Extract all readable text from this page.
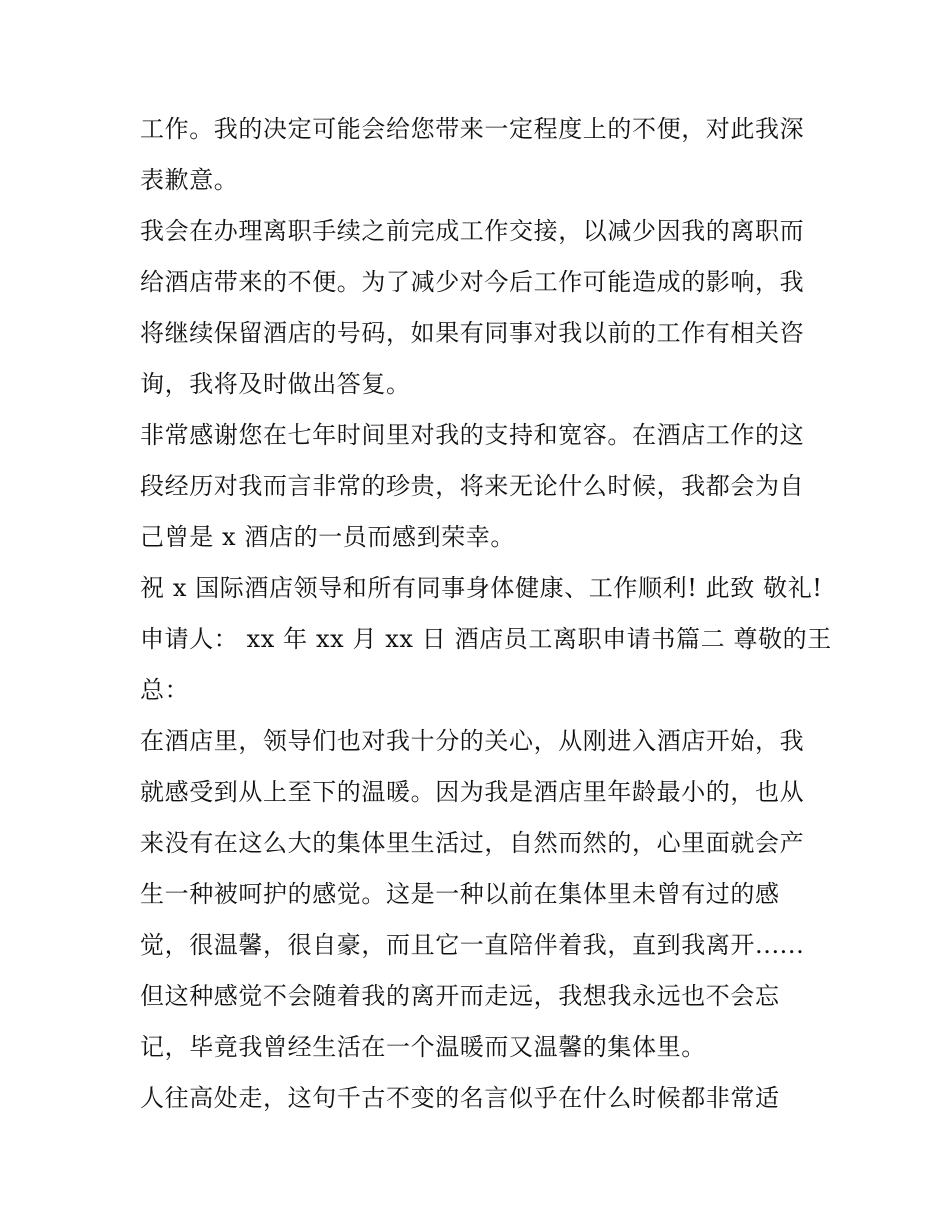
工作。我的决定可能会给您带来一定程度上的不便，对此我深
表歉意。
我会在办理离职手续之前完成工作交接，以减少因我的离职而
给酒店带来的不便。为了减少对今后工作可能造成的影响，我
将继续保留酒店的号码，如果有同事对我以前的工作有相关咨
询，我将及时做出答复。
非常感谢您在七年时间里对我的支持和宽容。在酒店工作的这
段经历对我而言非常的珍贵，将来无论什么时候，我都会为自
己曾是 x 酒店的一员而感到荣幸。
祝 x 国际酒店领导和所有同事身体健康、工作顺利! 此致 敬礼!
申请人： xx 年 xx 月 xx 日 酒店员工离职申请书篇二 尊敬的王
总：
在酒店里，领导们也对我十分的关心，从刚进入酒店开始，我
就感受到从上至下的温暖。因为我是酒店里年龄最小的，也从
来没有在这么大的集体里生活过，自然而然的，心里面就会产
生一种被呵护的感觉。这是一种以前在集体里未曾有过的感
觉，很温馨，很自豪，而且它一直陪伴着我，直到我离开......
但这种感觉不会随着我的离开而走远，我想我永远也不会忘
记，毕竟我曾经生活在一个温暖而又温馨的集体里。
人往高处走，这句千古不变的名言似乎在什么时候都非常适
